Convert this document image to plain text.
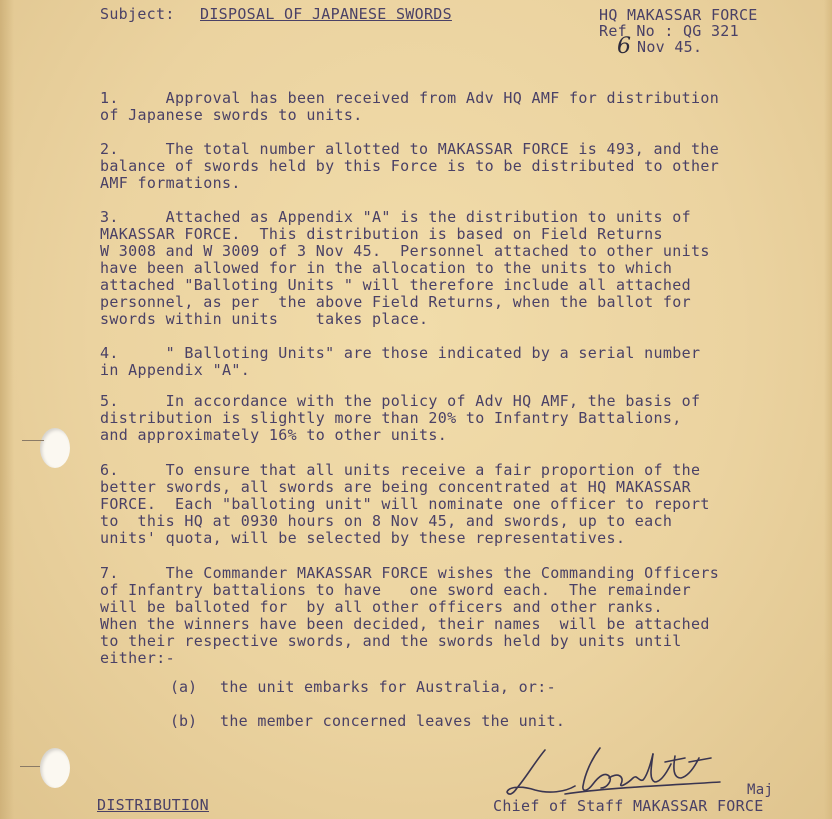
Subject: DISPOSAL OF JAPANESE SWORDS	HQ MAKASSAR FORCE
Ref No : QG 321
6 Nov 45.
1.     Approval has been received from Adv HQ AMF for distribution
of Japanese swords to units.
2.     The total number allotted to MAKASSAR FORCE is 493, and the
balance of swords held by this Force is to be distributed to other
AMF formations.
3.     Attached as Appendix "A" is the distribution to units of
MAKASSAR FORCE.  This distribution is based on Field Returns
W 3008 and W 3009 of 3 Nov 45.  Personnel attached to other units
have been allowed for in the allocation to the units to which
attached "Balloting Units " will therefore include all attached
personnel, as per  the above Field Returns, when the ballot for
swords within units    takes place.
4.     " Balloting Units" are those indicated by a serial number
in Appendix "A".
5.     In accordance with the policy of Adv HQ AMF, the basis of
distribution is slightly more than 20% to Infantry Battalions,
and approximately 16% to other units.
6.     To ensure that all units receive a fair proportion of the
better swords, all swords are being concentrated at HQ MAKASSAR
FORCE.  Each "balloting unit" will nominate one officer to report
to  this HQ at 0930 hours on 8 Nov 45, and swords, up to each
units' quota, will be selected by these representatives.
7.     The Commander MAKASSAR FORCE wishes the Commanding Officers
of Infantry battalions to have   one sword each.  The remainder
will be balloted for  by all other officers and other ranks.
When the winners have been decided, their names  will be attached
to their respective swords, and the swords held by units until
either:-
(a) the unit embarks for Australia, or:-
(b) the member concerned leaves the unit.
Maj
Chief of Staff MAKASSAR FORCE
DISTRIBUTION
